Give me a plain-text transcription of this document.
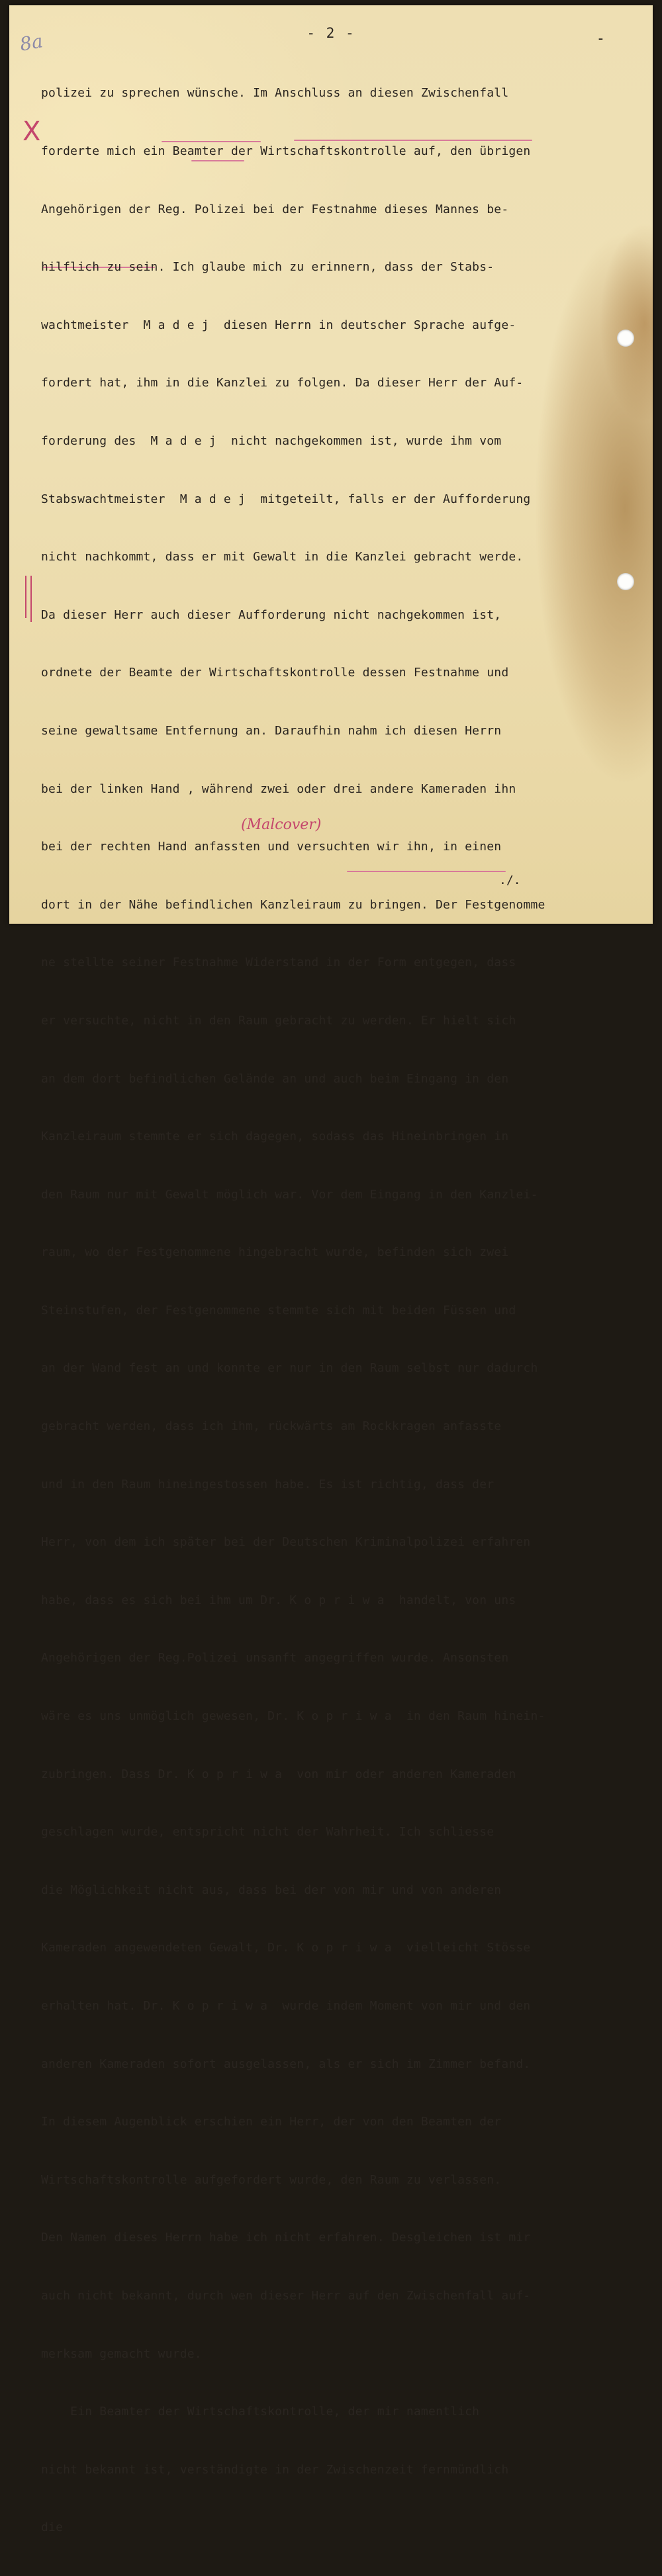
- 2 -	-
8a
X

polizei zu sprechen wünsche. Im Anschluss an diesen Zwischenfall

forderte mich ein Beamter der Wirtschaftskontrolle auf, den übrigen

Angehörigen der Reg. Polizei bei der Festnahme dieses Mannes be-

hilflich zu sein. Ich glaube mich zu erinnern, dass der Stabs-

wachtmeister  M a d e j  diesen Herrn in deutscher Sprache aufge-

fordert hat, ihm in die Kanzlei zu folgen. Da dieser Herr der Auf-

forderung des  M a d e j  nicht nachgekommen ist, wurde ihm vom

Stabswachtmeister  M a d e j  mitgeteilt, falls er der Aufforderung

nicht nachkommt, dass er mit Gewalt in die Kanzlei gebracht werde.

Da dieser Herr auch dieser Aufforderung nicht nachgekommen ist,

ordnete der Beamte der Wirtschaftskontrolle dessen Festnahme und

seine gewaltsame Entfernung an. Daraufhin nahm ich diesen Herrn

bei der linken Hand , während zwei oder drei andere Kameraden ihn

bei der rechten Hand anfassten und versuchten wir ihn, in einen

dort in der Nähe befindlichen Kanzleiraum zu bringen. Der Festgenomme

ne stellte seiner Festnahme Widerstand in der Form entgegen, dass

er versuchte, nicht in den Raum gebracht zu werden. Er hielt sich

an dem dort befindlichen Gelände an und auch beim Eingang in den

Kanzleiraum stemmte er sich dagegen, sodass das Hineinbringen in

den Raum nur mit Gewalt möglich war. Vor dem Eingang in den Kanzlei-

raum, wo der Festgenommene hingebracht wurde, befinden sich zwei

Steinstufen, der Festgenommene stemmte sich mit beiden Füssen und

an der Wand fest an und konnte er nur in den Raum selbst nur dadurch

gebracht werden, dass ich ihm, rückwärts am Rockkragen anfasste

und in den Raum hineingestossen habe. Es ist richtig, dass der

Herr, von dem ich später bei der Deutschen Kriminalpolizei erfahren

habe, dass es sich bei ihm um Dr. K o p r i w a  handelt, von uns

Angehörigen der Reg.Polizei unsanft angegriffen wurde. Ansonsten

wäre es uns unmöglich gewesen, Dr. K o p r i w a  in den Raum hinein-

zubringen. Dass Dr. K o p r i w a  von mir oder anderen Kameraden

geschlagen wurde, entspricht nicht der Wahrheit. Ich schliesse

die Möglichkeit nicht aus, dass bei der von mir und von anderen

Kameraden angewendeten Gewalt, Dr. K o p r i w a  vielleicht Stösse

erhalten hat. Dr. K o p r i w a  wurde indem Moment von mir und den

anderen Kameraden sofort ausgelassen, als er sich im Zimmer befand.

In diesem Augenblick erschien ein Herr, der von den Beamten der

Wirtschaftskontrolle aufgefordert wurde, den Raum zu verlassen.

Den Namen dieses Herrn habe ich nicht erfahren. Desgleichen ist mir

auch nicht bekannt, durch wen dieser Herr auf den Zwischenfall auf-

merksam gemacht wurde.

Ein Beamter der Wirtschaftskontrolle, der mir namentlich

nicht bekannt ist, verständigte in der Zwischenzeit fernmündlich

die

(Malcover)
./.
